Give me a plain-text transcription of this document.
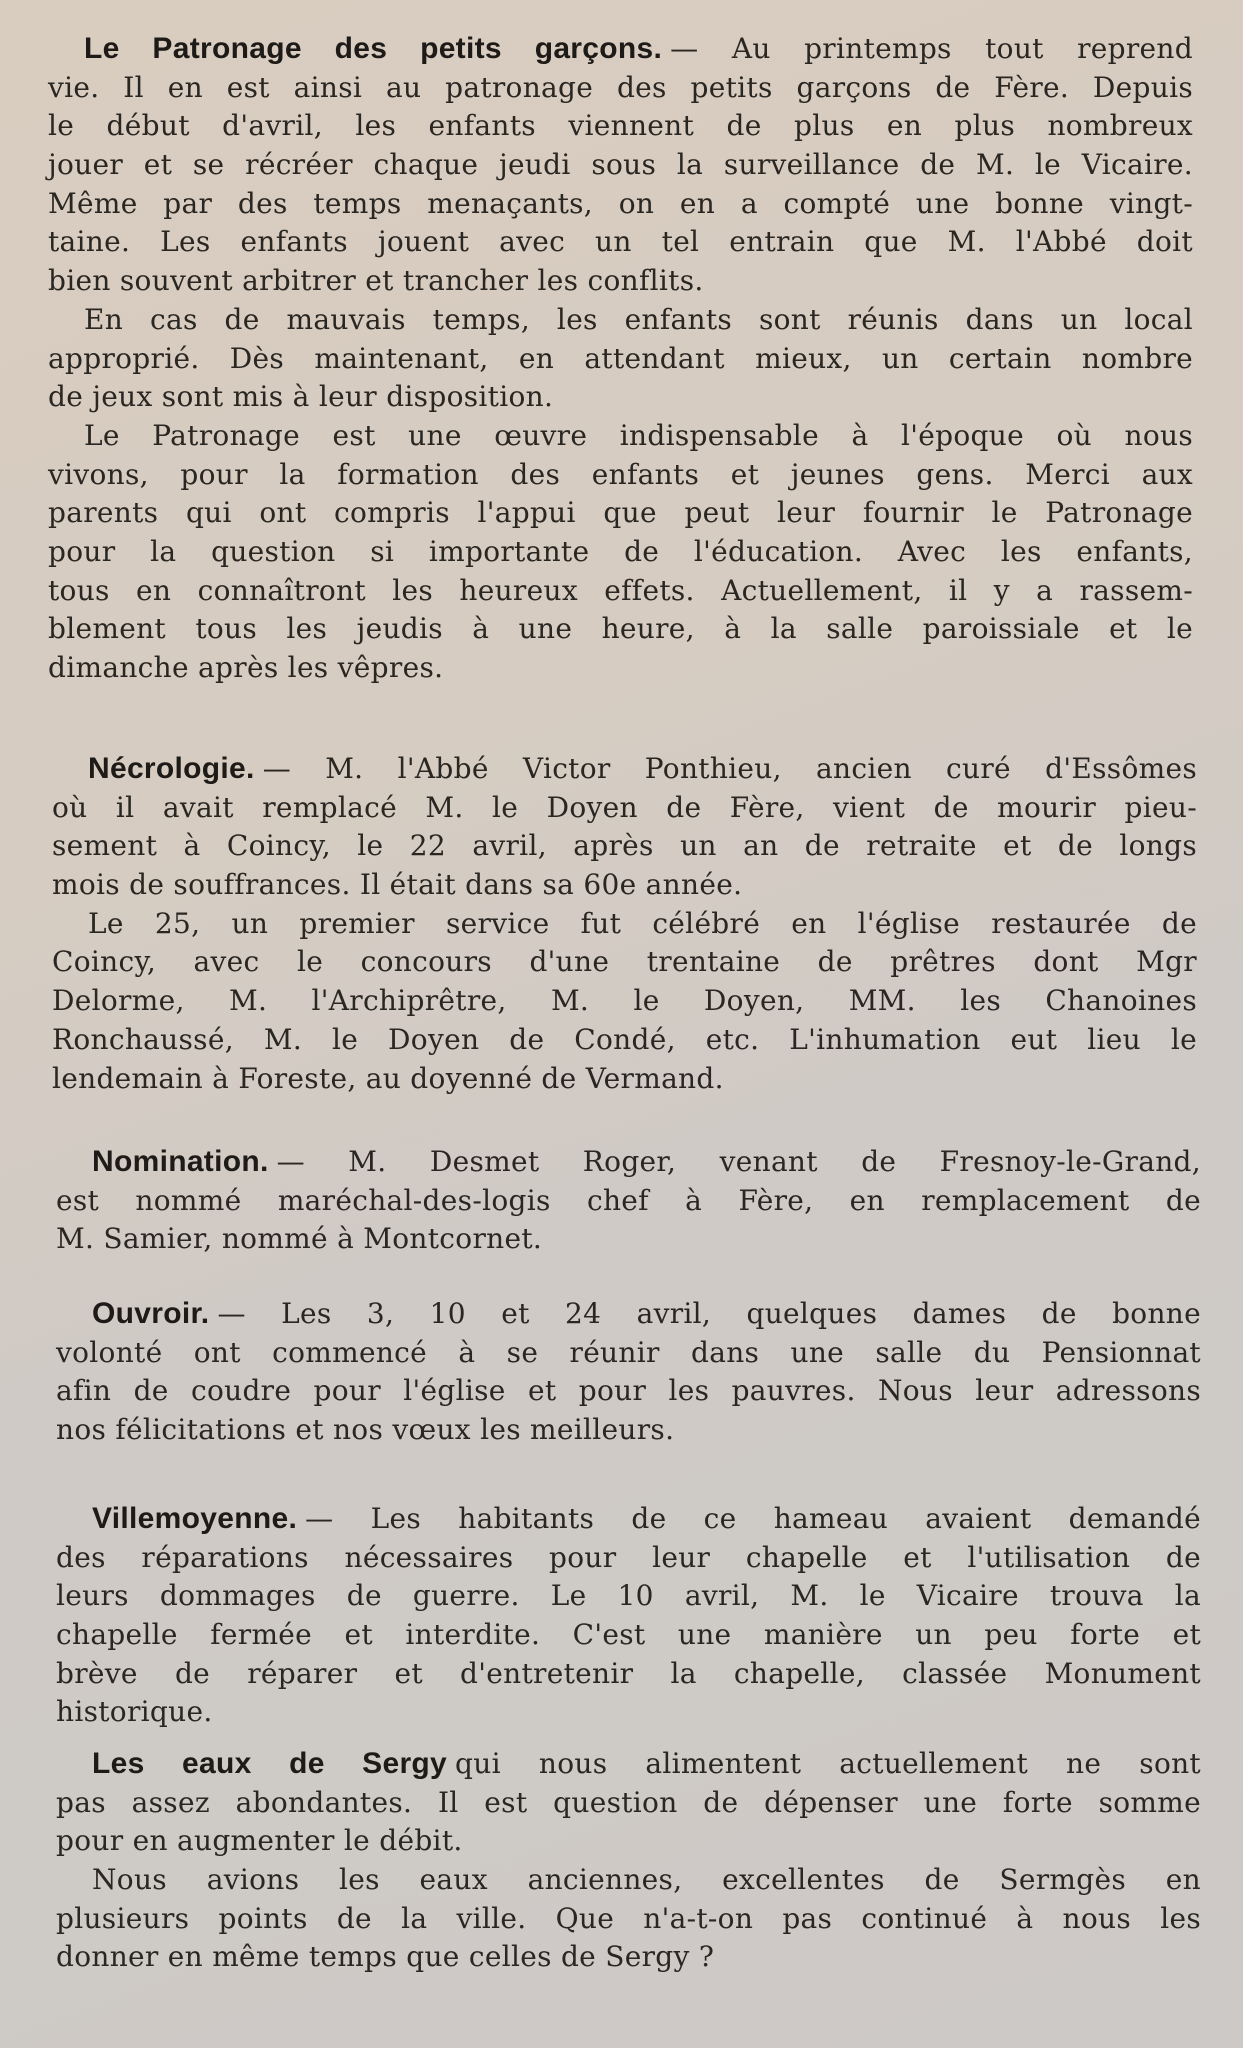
Le Patronage des petits garçons. — Au printemps tout reprend
vie. Il en est ainsi au patronage des petits garçons de Fère. Depuis
le début d'avril, les enfants viennent de plus en plus nombreux
jouer et se récréer chaque jeudi sous la surveillance de M. le Vicaire.
Même par des temps menaçants, on en a compté une bonne vingt-
taine. Les enfants jouent avec un tel entrain que M. l'Abbé doit
bien souvent arbitrer et trancher les conflits.
En cas de mauvais temps, les enfants sont réunis dans un local
approprié. Dès maintenant, en attendant mieux, un certain nombre
de jeux sont mis à leur disposition.
Le Patronage est une œuvre indispensable à l'époque où nous
vivons, pour la formation des enfants et jeunes gens. Merci aux
parents qui ont compris l'appui que peut leur fournir le Patronage
pour la question si importante de l'éducation. Avec les enfants,
tous en connaîtront les heureux effets. Actuellement, il y a rassem-
blement tous les jeudis à une heure, à la salle paroissiale et le
dimanche après les vêpres.
Nécrologie. — M. l'Abbé Victor Ponthieu, ancien curé d'Essômes
où il avait remplacé M. le Doyen de Fère, vient de mourir pieu-
sement à Coincy, le 22 avril, après un an de retraite et de longs
mois de souffrances. Il était dans sa 60e année.
Le 25, un premier service fut célébré en l'église restaurée de
Coincy, avec le concours d'une trentaine de prêtres dont Mgr
Delorme, M. l'Archiprêtre, M. le Doyen, MM. les Chanoines
Ronchaussé, M. le Doyen de Condé, etc. L'inhumation eut lieu le
lendemain à Foreste, au doyenné de Vermand.
Nomination. — M. Desmet Roger, venant de Fresnoy-le-Grand,
est nommé maréchal-des-logis chef à Fère, en remplacement de
M. Samier, nommé à Montcornet.
Ouvroir. — Les 3, 10 et 24 avril, quelques dames de bonne
volonté ont commencé à se réunir dans une salle du Pensionnat
afin de coudre pour l'église et pour les pauvres. Nous leur adressons
nos félicitations et nos vœux les meilleurs.
Villemoyenne. — Les habitants de ce hameau avaient demandé
des réparations nécessaires pour leur chapelle et l'utilisation de
leurs dommages de guerre. Le 10 avril, M. le Vicaire trouva la
chapelle fermée et interdite. C'est une manière un peu forte et
brève de réparer et d'entretenir la chapelle, classée Monument
historique.
Les eaux de Sergy qui nous alimentent actuellement ne sont
pas assez abondantes. Il est question de dépenser une forte somme
pour en augmenter le débit.
Nous avions les eaux anciennes, excellentes de Sermgès en
plusieurs points de la ville. Que n'a-t-on pas continué à nous les
donner en même temps que celles de Sergy ?
